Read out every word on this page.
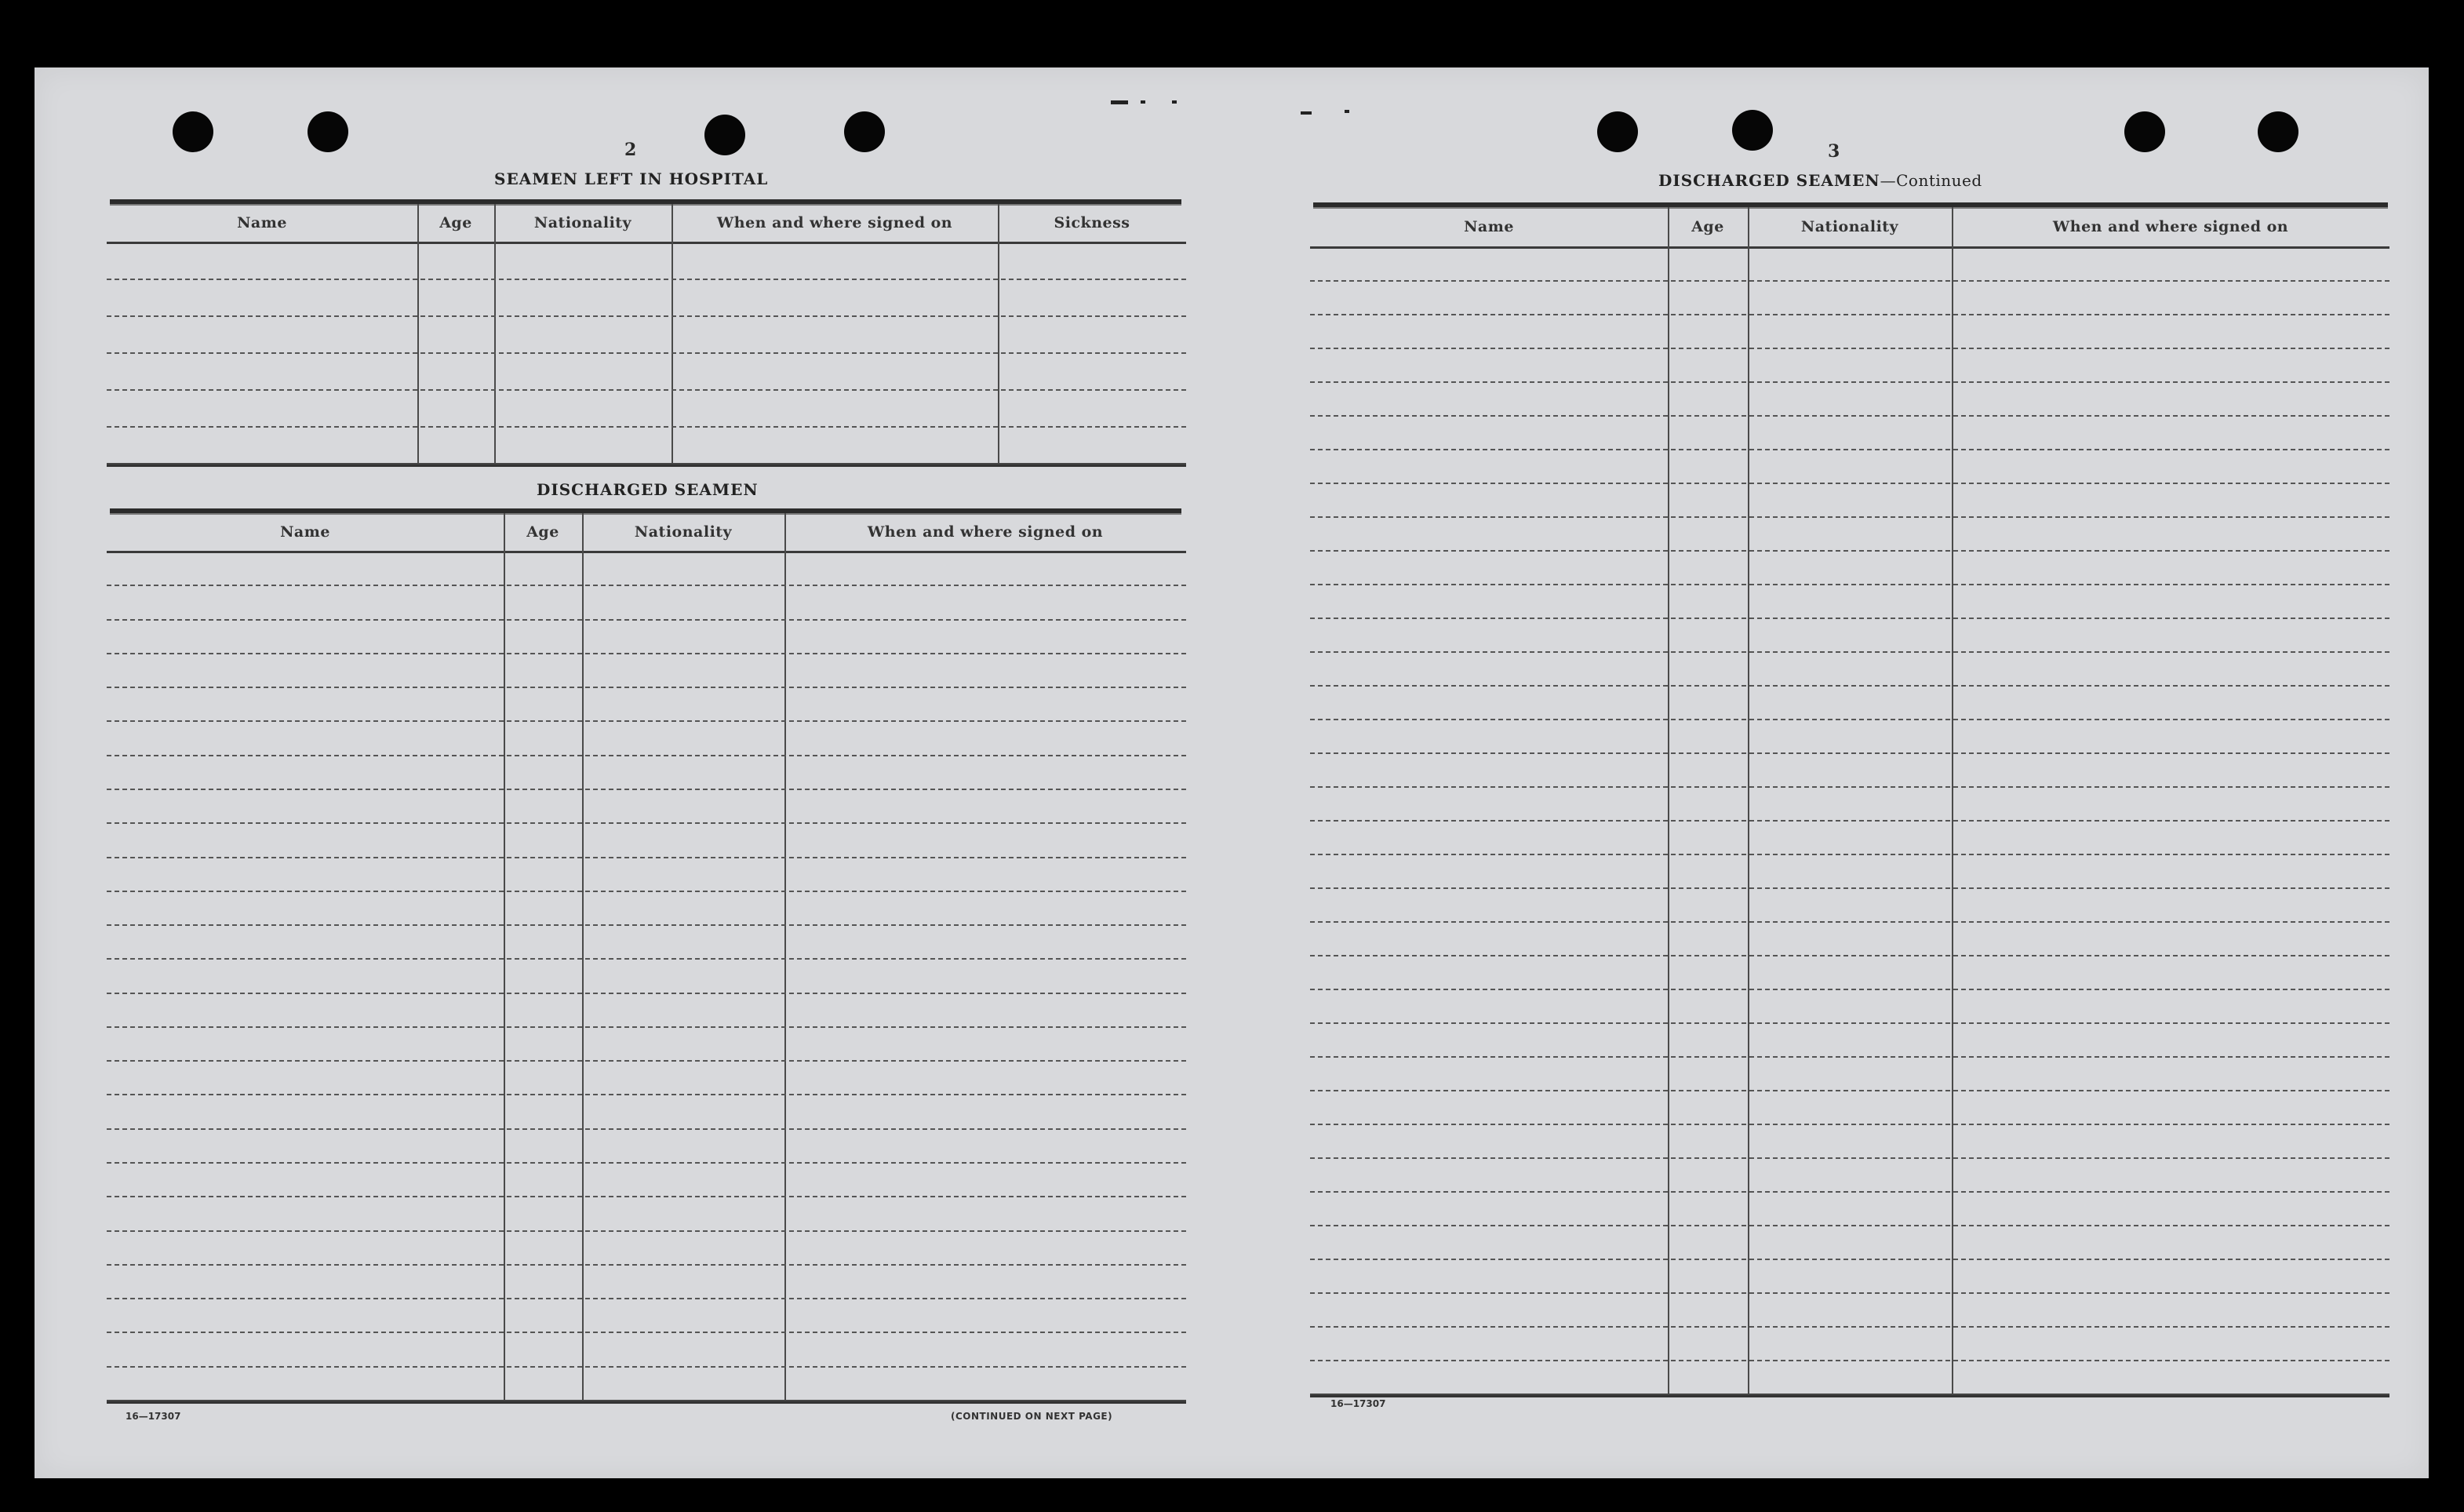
2
SEAMEN LEFT IN HOSPITAL
Name	Age	Nationality	When and where signed on	Sickness
DISCHARGED SEAMEN
Name	Age	Nationality	When and where signed on
16—17307	(CONTINUED ON NEXT PAGE)
3
DISCHARGED SEAMEN—Continued
Name	Age	Nationality	When and where signed on
16—17307
